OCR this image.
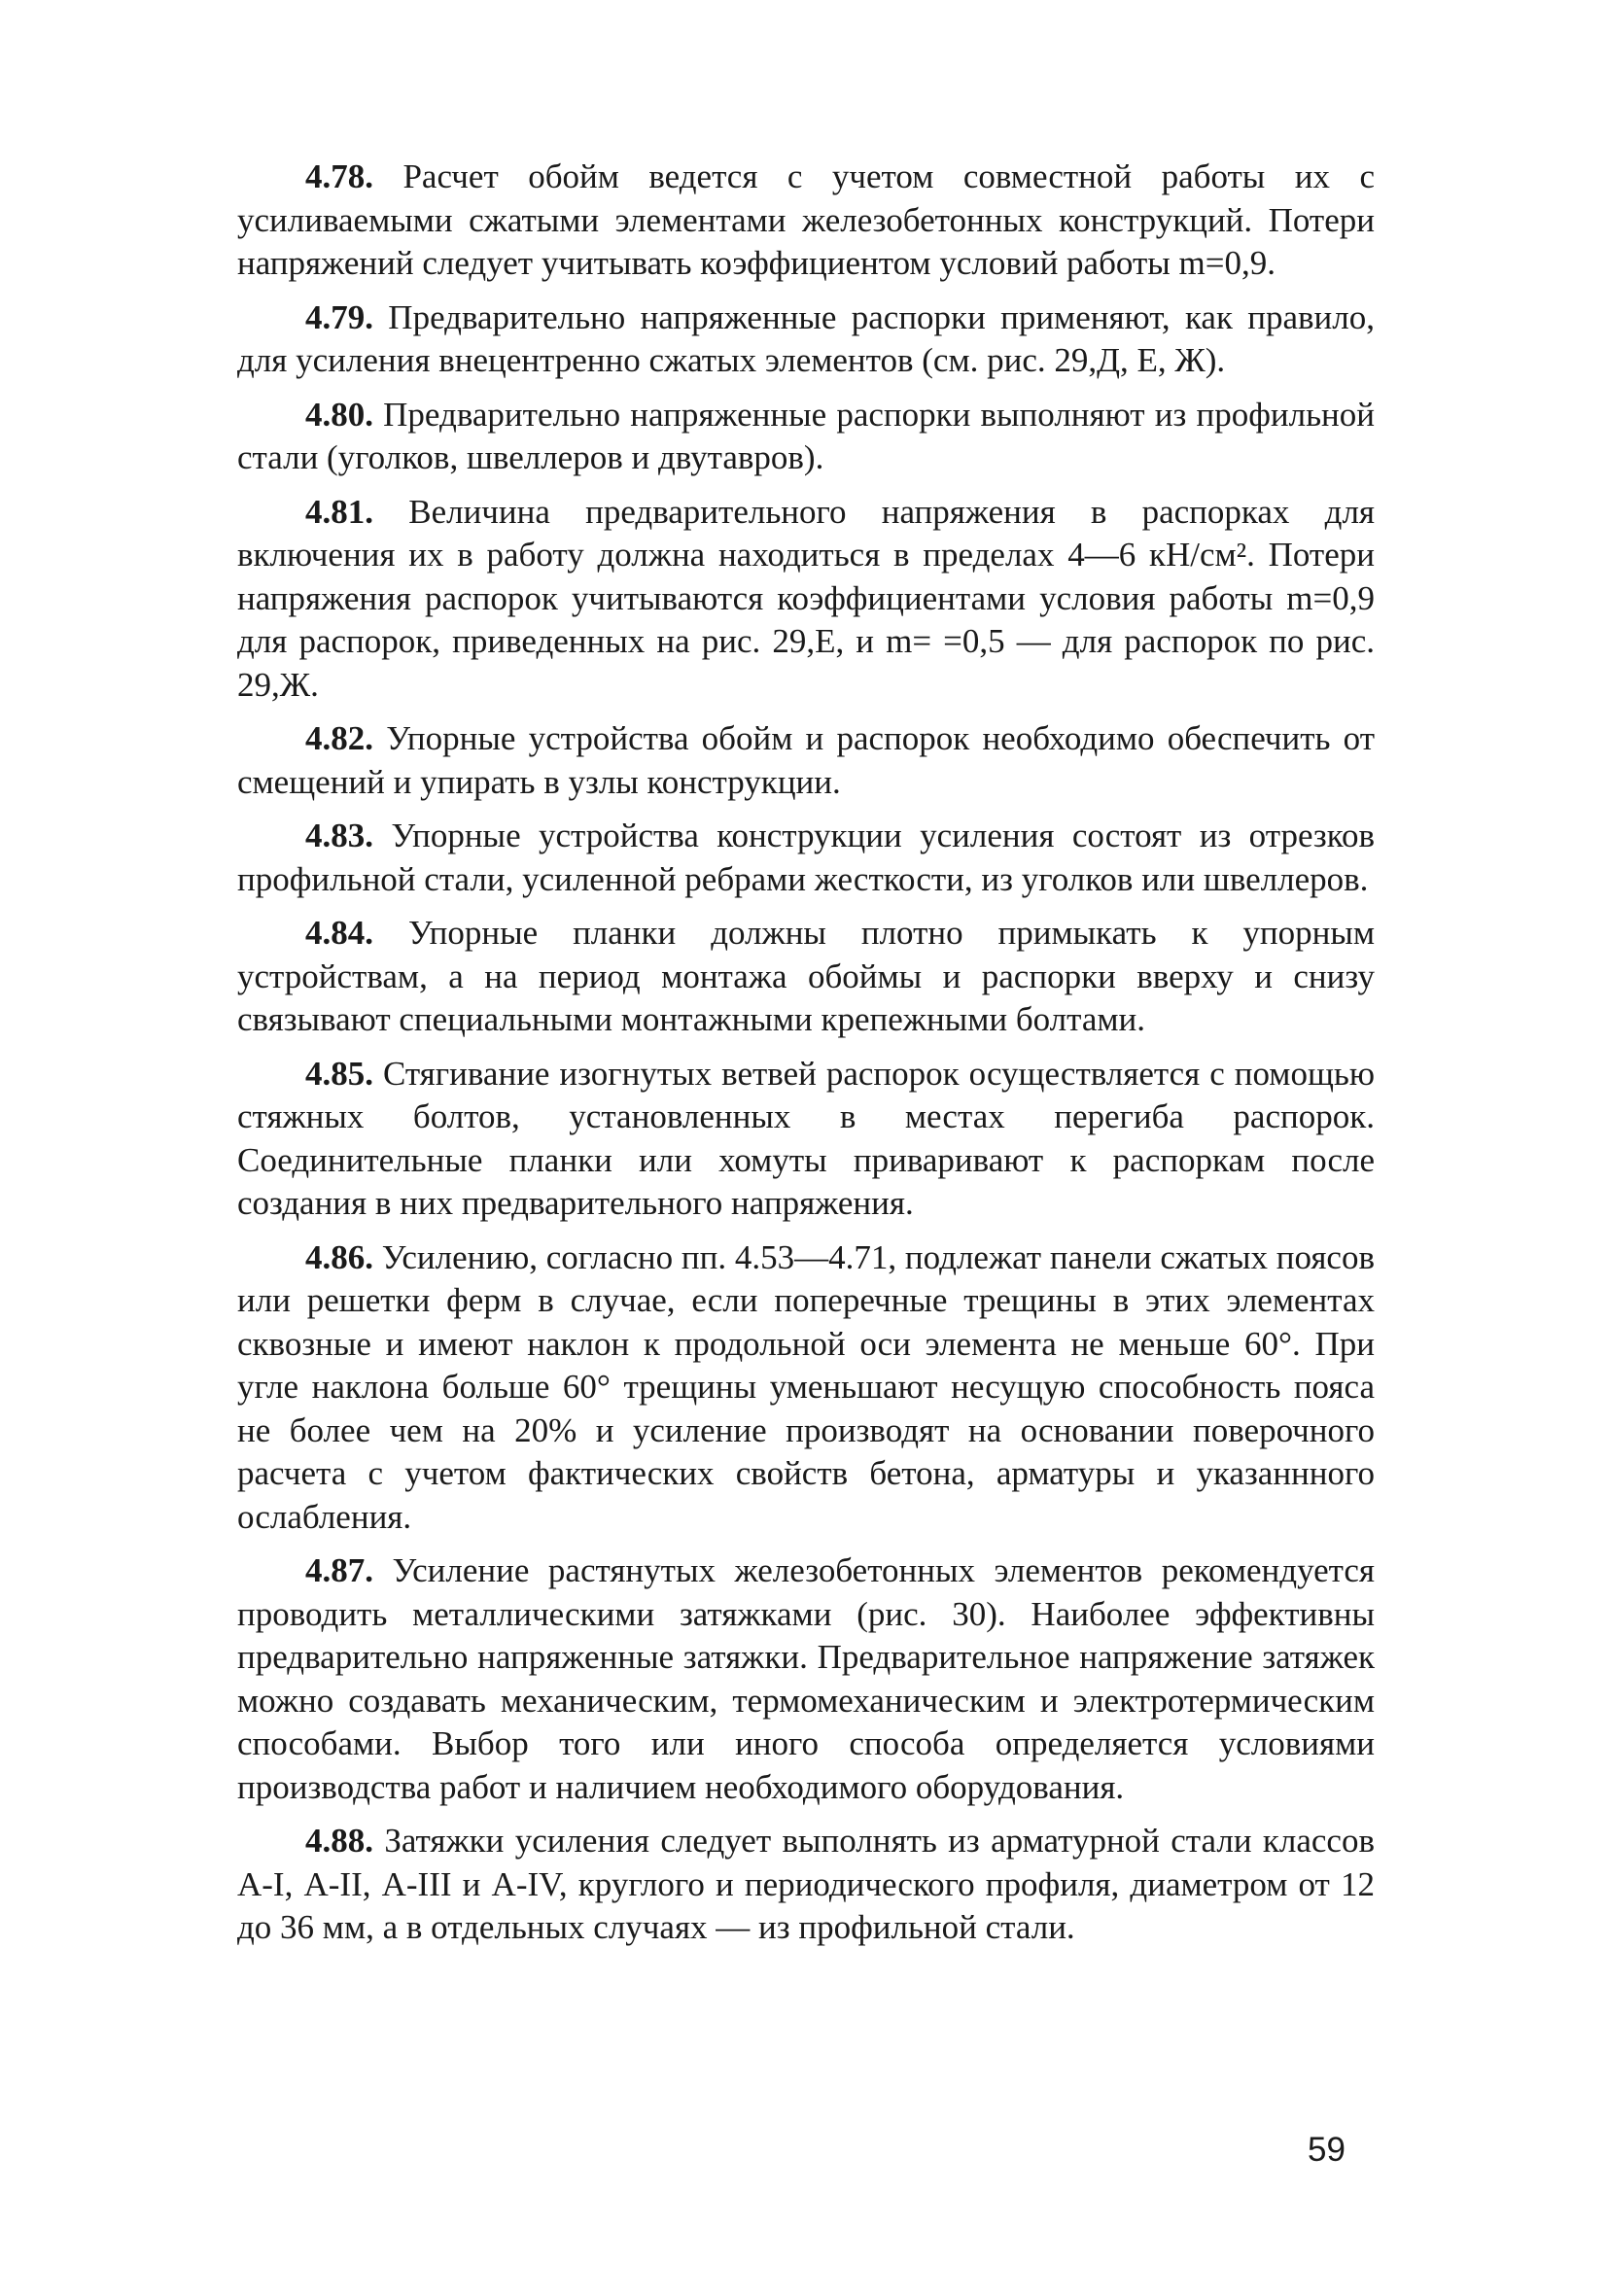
4.78. Расчет обойм ведется с учетом совместной работы их с усиливаемыми сжатыми элементами железобетонных конструкций. Потери напряжений следует учитывать коэффициентом условий работы m=0,9.

4.79. Предварительно напряженные распорки применяют, как правило, для усиления внецентренно сжатых элементов (см. рис. 29,Д, Е, Ж).

4.80. Предварительно напряженные распорки выполняют из профильной стали (уголков, швеллеров и двутавров).

4.81. Величина предварительного напряжения в распорках для включения их в работу должна находиться в пределах 4—6 кН/см². Потери напряжения распорок учитываются коэффициентами условия работы m=0,9 для распорок, приведенных на рис. 29,Е, и m= =0,5 — для распорок по рис. 29,Ж.

4.82. Упорные устройства обойм и распорок необходимо обеспечить от смещений и упирать в узлы конструкции.

4.83. Упорные устройства конструкции усиления состоят из отрезков профильной стали, усиленной ребрами жесткости, из уголков или швеллеров.

4.84. Упорные планки должны плотно примыкать к упорным устройствам, а на период монтажа обоймы и распорки вверху и снизу связывают специальными монтажными крепежными болтами.

4.85. Стягивание изогнутых ветвей распорок осуществляется с помощью стяжных болтов, установленных в местах перегиба распорок. Соединительные планки или хомуты приваривают к распоркам после создания в них предварительного напряжения.

4.86. Усилению, согласно пп. 4.53—4.71, подлежат панели сжатых поясов или решетки ферм в случае, если поперечные трещины в этих элементах сквозные и имеют наклон к продольной оси элемента не меньше 60°. При угле наклона больше 60° трещины уменьшают несущую способность пояса не более чем на 20% и усиление производят на основании поверочного расчета с учетом фактических свойств бетона, арматуры и указаннного ослабления.

4.87. Усиление растянутых железобетонных элементов рекомендуется проводить металлическими затяжками (рис. 30). Наиболее эффективны предварительно напряженные затяжки. Предварительное напряжение затяжек можно создавать механическим, термомеханическим и электротермическим способами. Выбор того или иного способа определяется условиями производства работ и наличием необходимого оборудования.

4.88. Затяжки усиления следует выполнять из арматурной стали классов А-I, А-II, А-III и А-IV, круглого и периодического профиля, диаметром от 12 до 36 мм, а в отдельных случаях — из профильной стали.

59
